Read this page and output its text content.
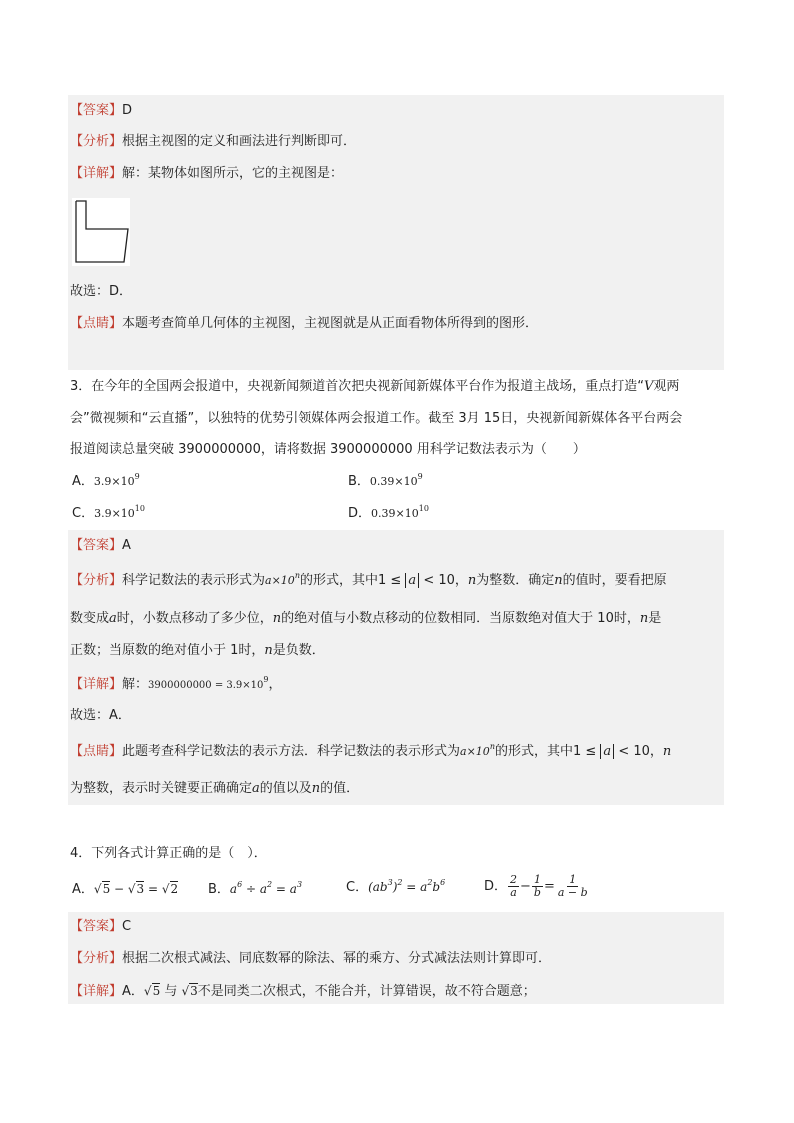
【答案】D
【分析】根据主视图的定义和画法进行判断即可．
【详解】解：某物体如图所示，它的主视图是：
故选：D．
【点睛】本题考查简单几何体的主视图，主视图就是从正面看物体所得到的图形．
3．在今年的全国两会报道中，央视新闻频道首次把央视新闻新媒体平台作为报道主战场，重点打造“V观两
会”微视频和“云直播”，以独特的优势引领媒体两会报道工作。截至 3月 15日，央视新闻新媒体各平台两会
报道阅读总量突破 3900000000，请将数据 3900000000 用科学记数法表示为（　　）
A．$3.9\times 10^9$	B．$0.39\times 10^9$
C．$3.9\times 10^{10}$	D．$0.39\times 10^{10}$
【答案】A
【分析】科学记数法的表示形式为$a\times 10^n$的形式，其中1 ≤ a < 10，n为整数．确定n的值时，要看把原
数变成a时，小数点移动了多少位，n的绝对值与小数点移动的位数相同．当原数绝对值大于 10时，n是
正数；当原数的绝对值小于 1时，n是负数．
【详解】解：$3900000000 = 3.9\times 10^9$，
故选：A．
【点睛】此题考查科学记数法的表示方法．科学记数法的表示形式为$a\times 10^n$的形式，其中1 ≤ a < 10，n
为整数，表示时关键要正确确定a的值以及n的值．
4．下列各式计算正确的是（　）．
A．√5 − √3 = √2 B．$a^6 \div a^2 = a^3$	C．$(ab^3)^2 = a^2b^6$	D． $\frac{2}{a} - \frac{1}{b} = \frac{1}{a - b}$
【答案】C
【分析】根据二次根式减法、同底数幂的除法、幂的乘方、分式减法法则计算即可．
【详解】A．√5 与 √3不是同类二次根式，不能合并，计算错误，故不符合题意；
